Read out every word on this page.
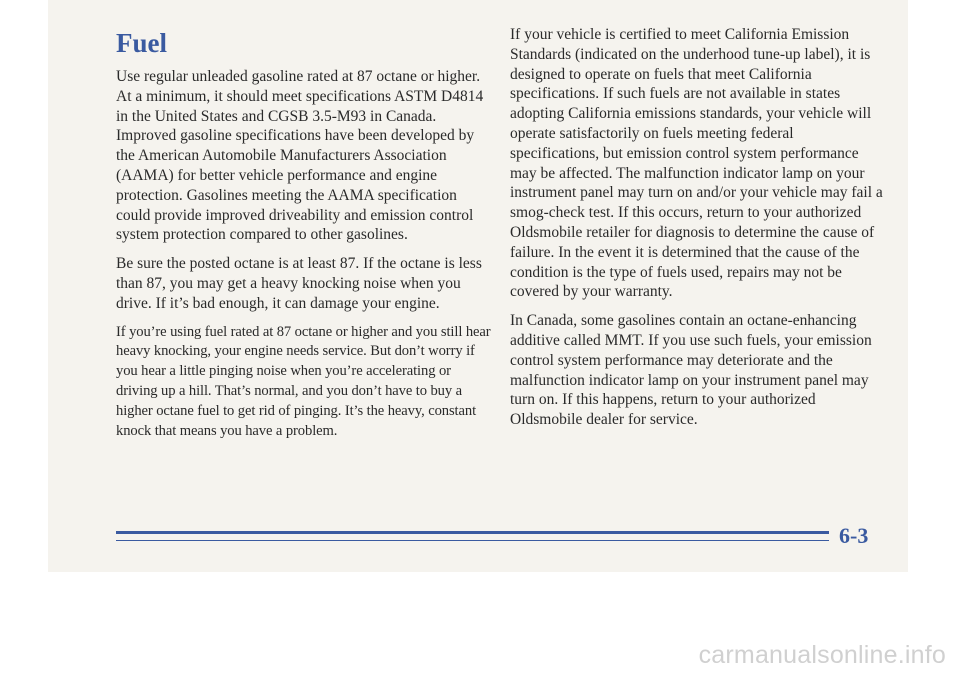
Fuel

Use regular unleaded gasoline rated at 87 octane or higher. At a minimum, it should meet specifications ASTM D4814 in the United States and CGSB 3.5-M93 in Canada. Improved gasoline specifications have been developed by the American Automobile Manufacturers Association (AAMA) for better vehicle performance and engine protection. Gasolines meeting the AAMA specification could provide improved driveability and emission control system protection compared to other gasolines.

Be sure the posted octane is at least 87. If the octane is less than 87, you may get a heavy knocking noise when you drive. If it’s bad enough, it can damage your engine.

If you’re using fuel rated at 87 octane or higher and you still hear heavy knocking, your engine needs service. But don’t worry if you hear a little pinging noise when you’re accelerating or driving up a hill. That’s normal, and you don’t have to buy a higher octane fuel to get rid of pinging. It’s the heavy, constant knock that means you have a problem.

If your vehicle is certified to meet California Emission Standards (indicated on the underhood tune-up label), it is designed to operate on fuels that meet California specifications. If such fuels are not available in states adopting California emissions standards, your vehicle will operate satisfactorily on fuels meeting federal specifications, but emission control system performance may be affected. The malfunction indicator lamp on your instrument panel may turn on and/or your vehicle may fail a smog-check test. If this occurs, return to your authorized Oldsmobile retailer for diagnosis to determine the cause of failure. In the event it is determined that the cause of the condition is the type of fuels used, repairs may not be covered by your warranty.

In Canada, some gasolines contain an octane-enhancing additive called MMT. If you use such fuels, your emission control system performance may deteriorate and the malfunction indicator lamp on your instrument panel may turn on. If this happens, return to your authorized Oldsmobile dealer for service.

6-3
carmanualsonline.info
